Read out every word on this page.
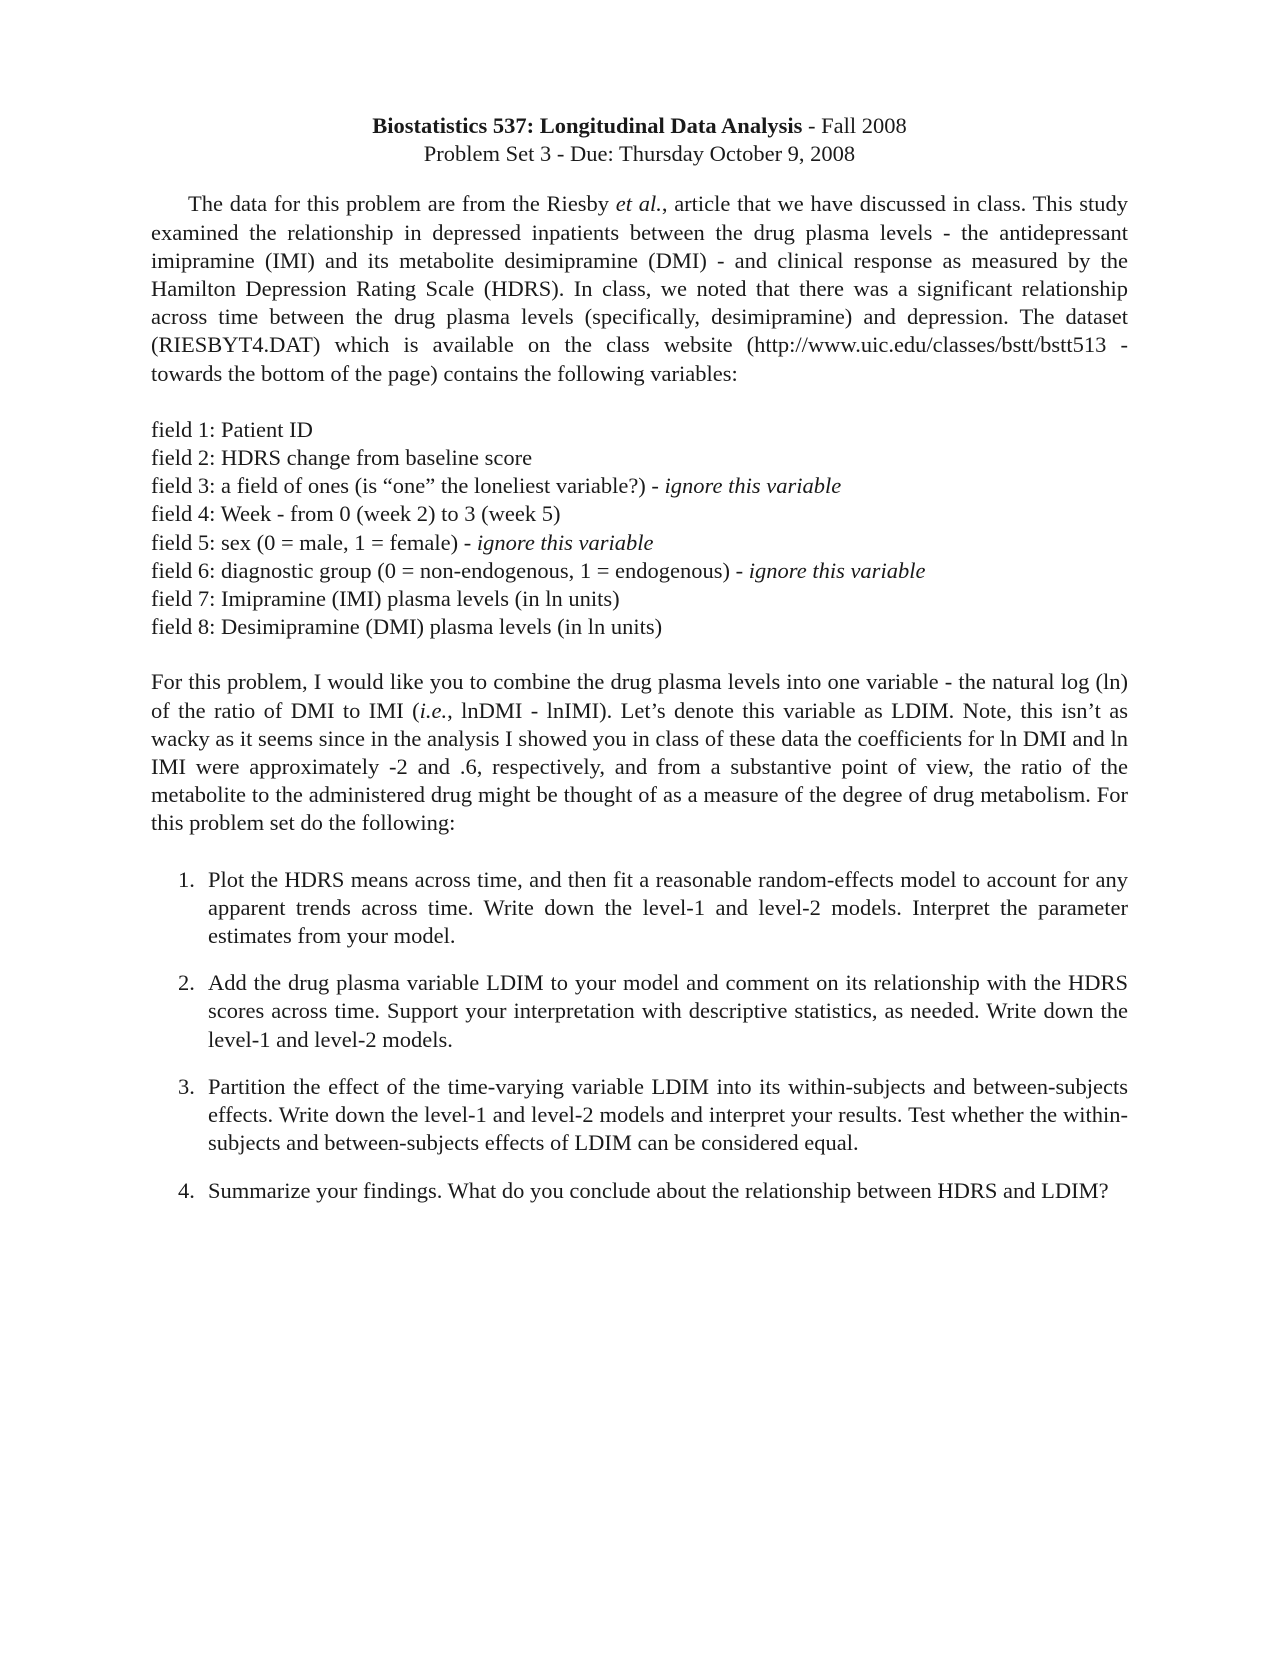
Biostatistics 537: Longitudinal Data Analysis - Fall 2008
Problem Set 3 - Due: Thursday October 9, 2008

The data for this problem are from the Riesby et al., article that we have discussed in class. This study examined the relationship in depressed inpatients between the drug plasma levels - the antidepressant imipramine (IMI) and its metabolite desimipramine (DMI) - and clinical response as measured by the Hamilton Depression Rating Scale (HDRS). In class, we noted that there was a significant relationship across time between the drug plasma levels (specifically, desimipramine) and depression. The dataset (RIESBYT4.DAT) which is available on the class website (http://www.uic.edu/classes/bstt/bstt513 - towards the bottom of the page) contains the following variables:

field 1: Patient ID
field 2: HDRS change from baseline score
field 3: a field of ones (is “one” the loneliest variable?) - ignore this variable
field 4: Week - from 0 (week 2) to 3 (week 5)
field 5: sex (0 = male, 1 = female) - ignore this variable
field 6: diagnostic group (0 = non-endogenous, 1 = endogenous) - ignore this variable
field 7: Imipramine (IMI) plasma levels (in ln units)
field 8: Desimipramine (DMI) plasma levels (in ln units)

For this problem, I would like you to combine the drug plasma levels into one variable - the natural log (ln) of the ratio of DMI to IMI (i.e., lnDMI - lnIMI). Let’s denote this variable as LDIM. Note, this isn’t as wacky as it seems since in the analysis I showed you in class of these data the coefficients for ln DMI and ln IMI were approximately -2 and .6, respectively, and from a substantive point of view, the ratio of the metabolite to the administered drug might be thought of as a measure of the degree of drug metabolism. For this problem set do the following:

1. Plot the HDRS means across time, and then fit a reasonable random-effects model to account for any apparent trends across time. Write down the level-1 and level-2 models. Interpret the parameter estimates from your model.
2. Add the drug plasma variable LDIM to your model and comment on its relationship with the HDRS scores across time. Support your interpretation with descriptive statistics, as needed. Write down the level-1 and level-2 models.
3. Partition the effect of the time-varying variable LDIM into its within-subjects and between-subjects effects. Write down the level-1 and level-2 models and interpret your results. Test whether the within-subjects and between-subjects effects of LDIM can be considered equal.
4. Summarize your findings. What do you conclude about the relationship between HDRS and LDIM?
